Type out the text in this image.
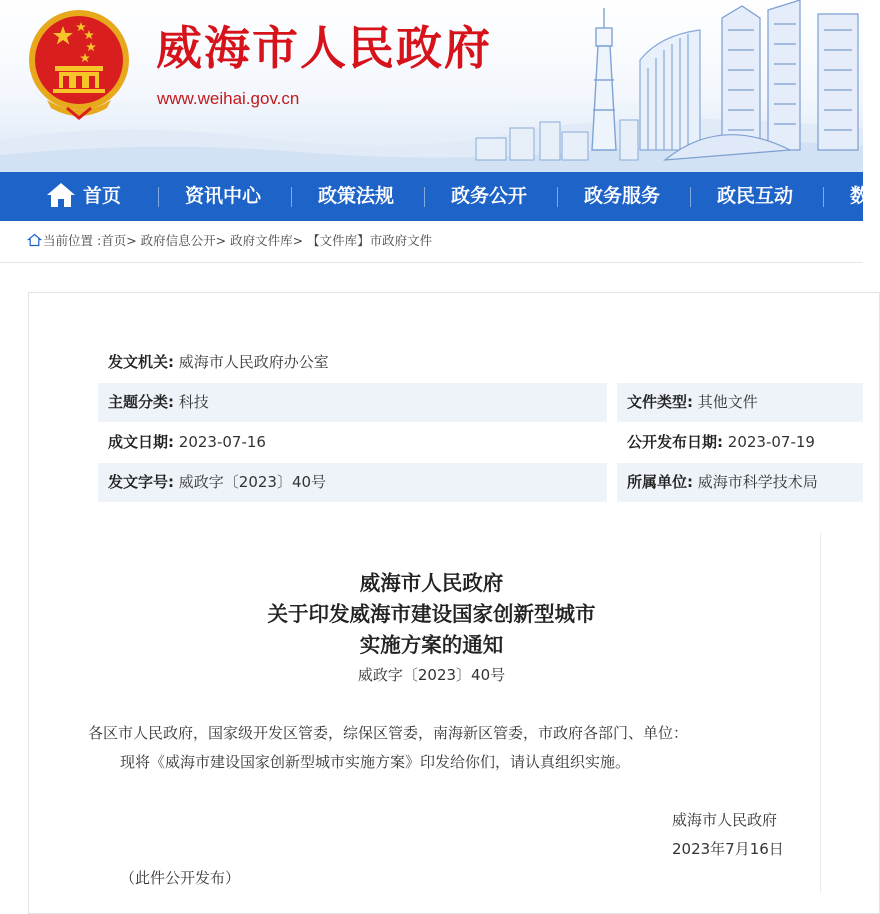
威海市人民政府
www.weihai.gov.cn
首页	资讯中心	政策法规	政务公开	政务服务	政民互动	数
当前位置 :首页> 政府信息公开> 政府文件库> 【文件库】市政府文件
发文机关: 威海市人民政府办公室
主题分类: 科技	文件类型: 其他文件
成文日期: 2023-07-16	公开发布日期: 2023-07-19
发文字号: 威政字〔2023〕40号	所属单位: 威海市科学技术局
威海市人民政府
关于印发威海市建设国家创新型城市
实施方案的通知
威政字〔2023〕40号
各区市人民政府，国家级开发区管委，综保区管委，南海新区管委，市政府各部门、单位：
现将《威海市建设国家创新型城市实施方案》印发给你们，请认真组织实施。
威海市人民政府
2023年7月16日
（此件公开发布）
